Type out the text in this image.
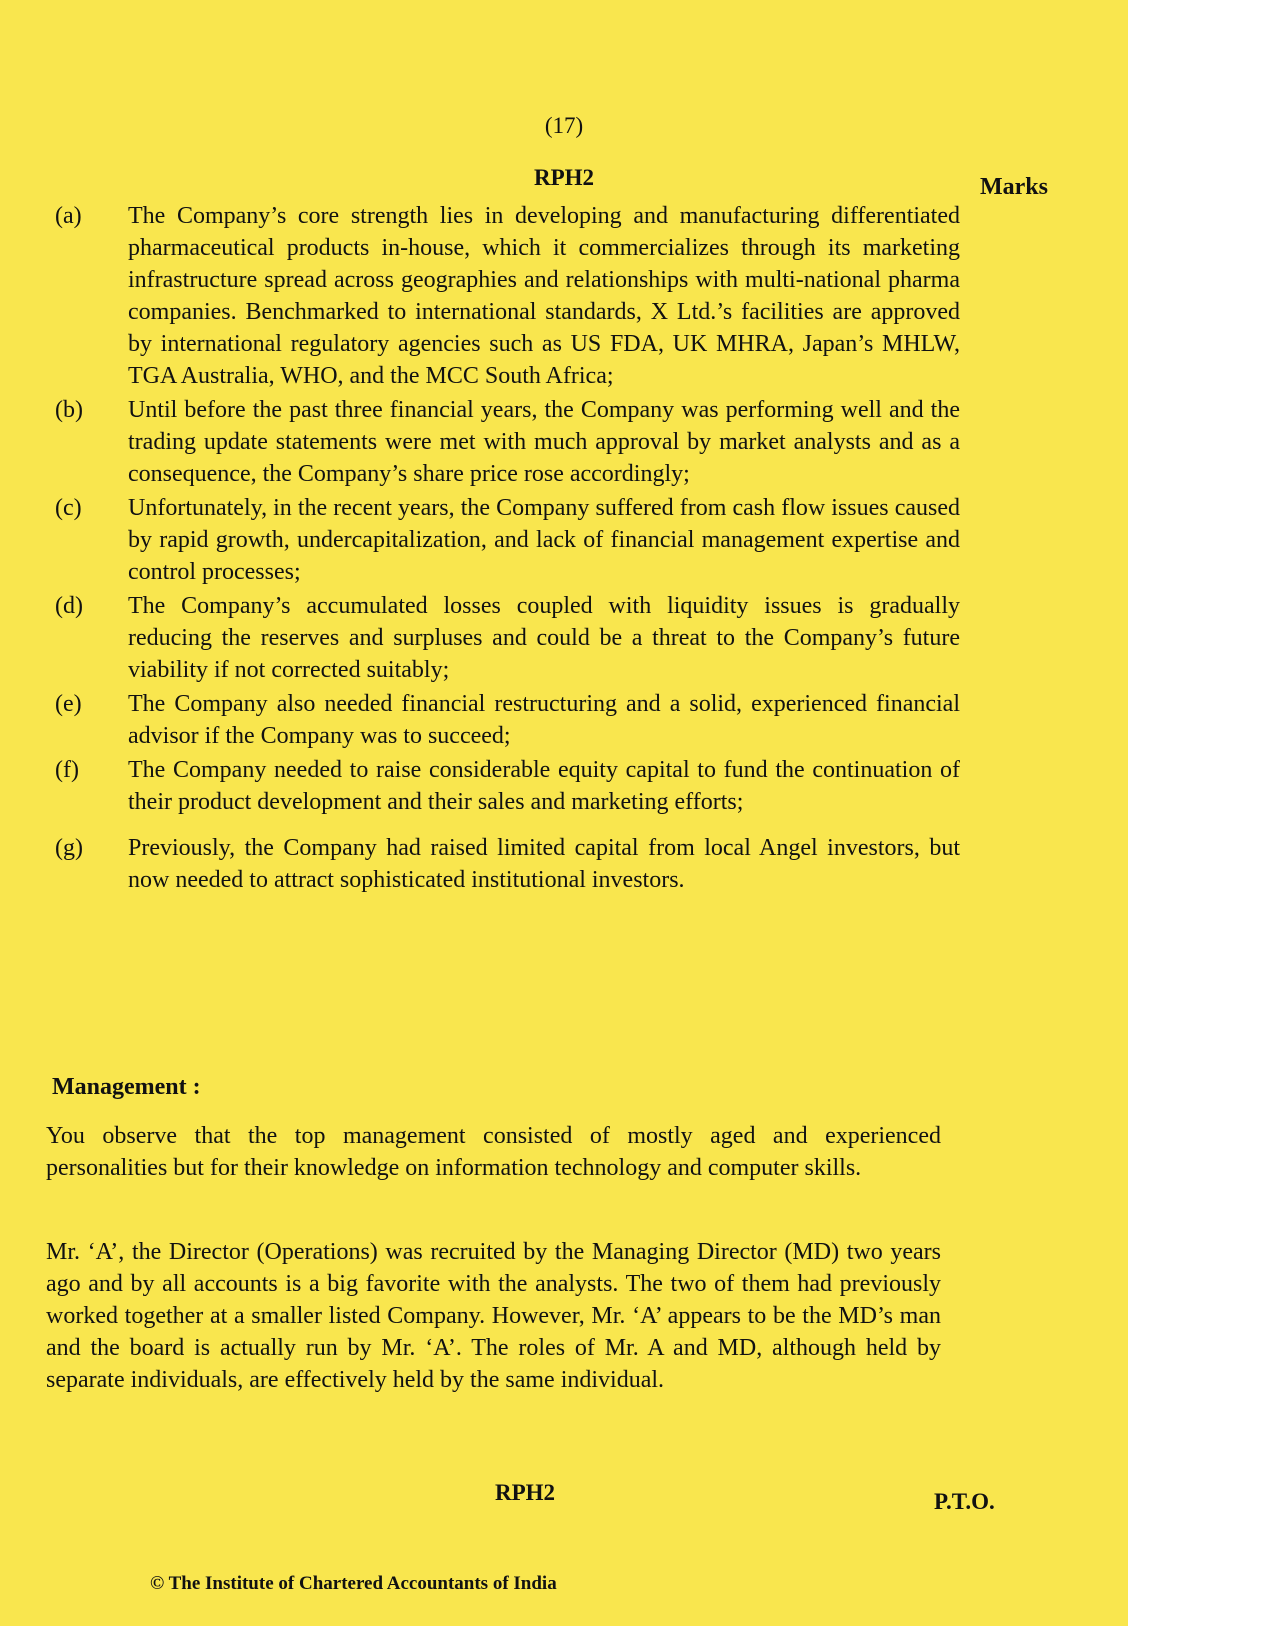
(17)
RPH2	Marks
(a)	The Company’s core strength lies in developing and manufacturing differentiated pharmaceutical products in-house, which it commercializes through its marketing infrastructure spread across geographies and relationships with multi-national pharma companies. Benchmarked to international standards, X Ltd.’s facilities are approved by international regulatory agencies such as US FDA, UK MHRA, Japan’s MHLW, TGA Australia, WHO, and the MCC South Africa;
(b)	Until before the past three financial years, the Company was performing well and the trading update statements were met with much approval by market analysts and as a consequence, the Company’s share price rose accordingly;
(c)	Unfortunately, in the recent years, the Company suffered from cash flow issues caused by rapid growth, undercapitalization, and lack of financial management expertise and control processes;
(d)	The Company’s accumulated losses coupled with liquidity issues is gradually reducing the reserves and surpluses and could be a threat to the Company’s future viability if not corrected suitably;
(e)	The Company also needed financial restructuring and a solid, experienced financial advisor if the Company was to succeed;
(f)	The Company needed to raise considerable equity capital to fund the continuation of their product development and their sales and marketing efforts;
(g)	Previously, the Company had raised limited capital from local Angel investors, but now needed to attract sophisticated institutional investors.
Management :
You observe that the top management consisted of mostly aged and experienced personalities but for their knowledge on information technology and computer skills.
Mr. ‘A’, the Director (Operations) was recruited by the Managing Director (MD) two years ago and by all accounts is a big favorite with the analysts. The two of them had previously worked together at a smaller listed Company. However, Mr. ‘A’ appears to be the MD’s man and the board is actually run by Mr. ‘A’. The roles of Mr. A and MD, although held by separate individuals, are effectively held by the same individual.
RPH2	P.T.O.
© The Institute of Chartered Accountants of India
